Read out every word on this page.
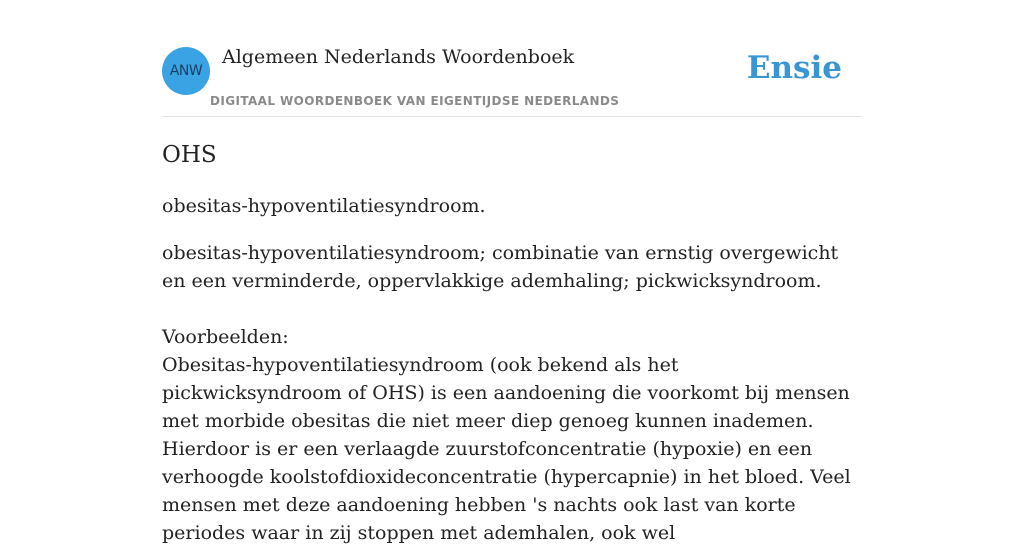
ANW
Algemeen Nederlands Woordenboek
DIGITAAL WOORDENBOEK VAN EIGENTIJDSE NEDERLANDS
Ensie
OHS

obesitas-hypoventilatiesyndroom.

obesitas-hypoventilatiesyndroom; combinatie van ernstig overgewicht en een verminderde, oppervlakkige ademhaling; pickwicksyndroom.

Voorbeelden:
Obesitas-hypoventilatiesyndroom (ook bekend als het pickwicksyndroom of OHS) is een aandoening die voorkomt bij mensen met morbide obesitas die niet meer diep genoeg kunnen inademen. Hierdoor is er een verlaagde zuurstofconcentratie (hypoxie) en een verhoogde koolstofdioxideconcentratie (hypercapnie) in het bloed. Veel mensen met deze aandoening hebben 's nachts ook last van korte periodes waar in zij stoppen met ademhalen, ook wel
